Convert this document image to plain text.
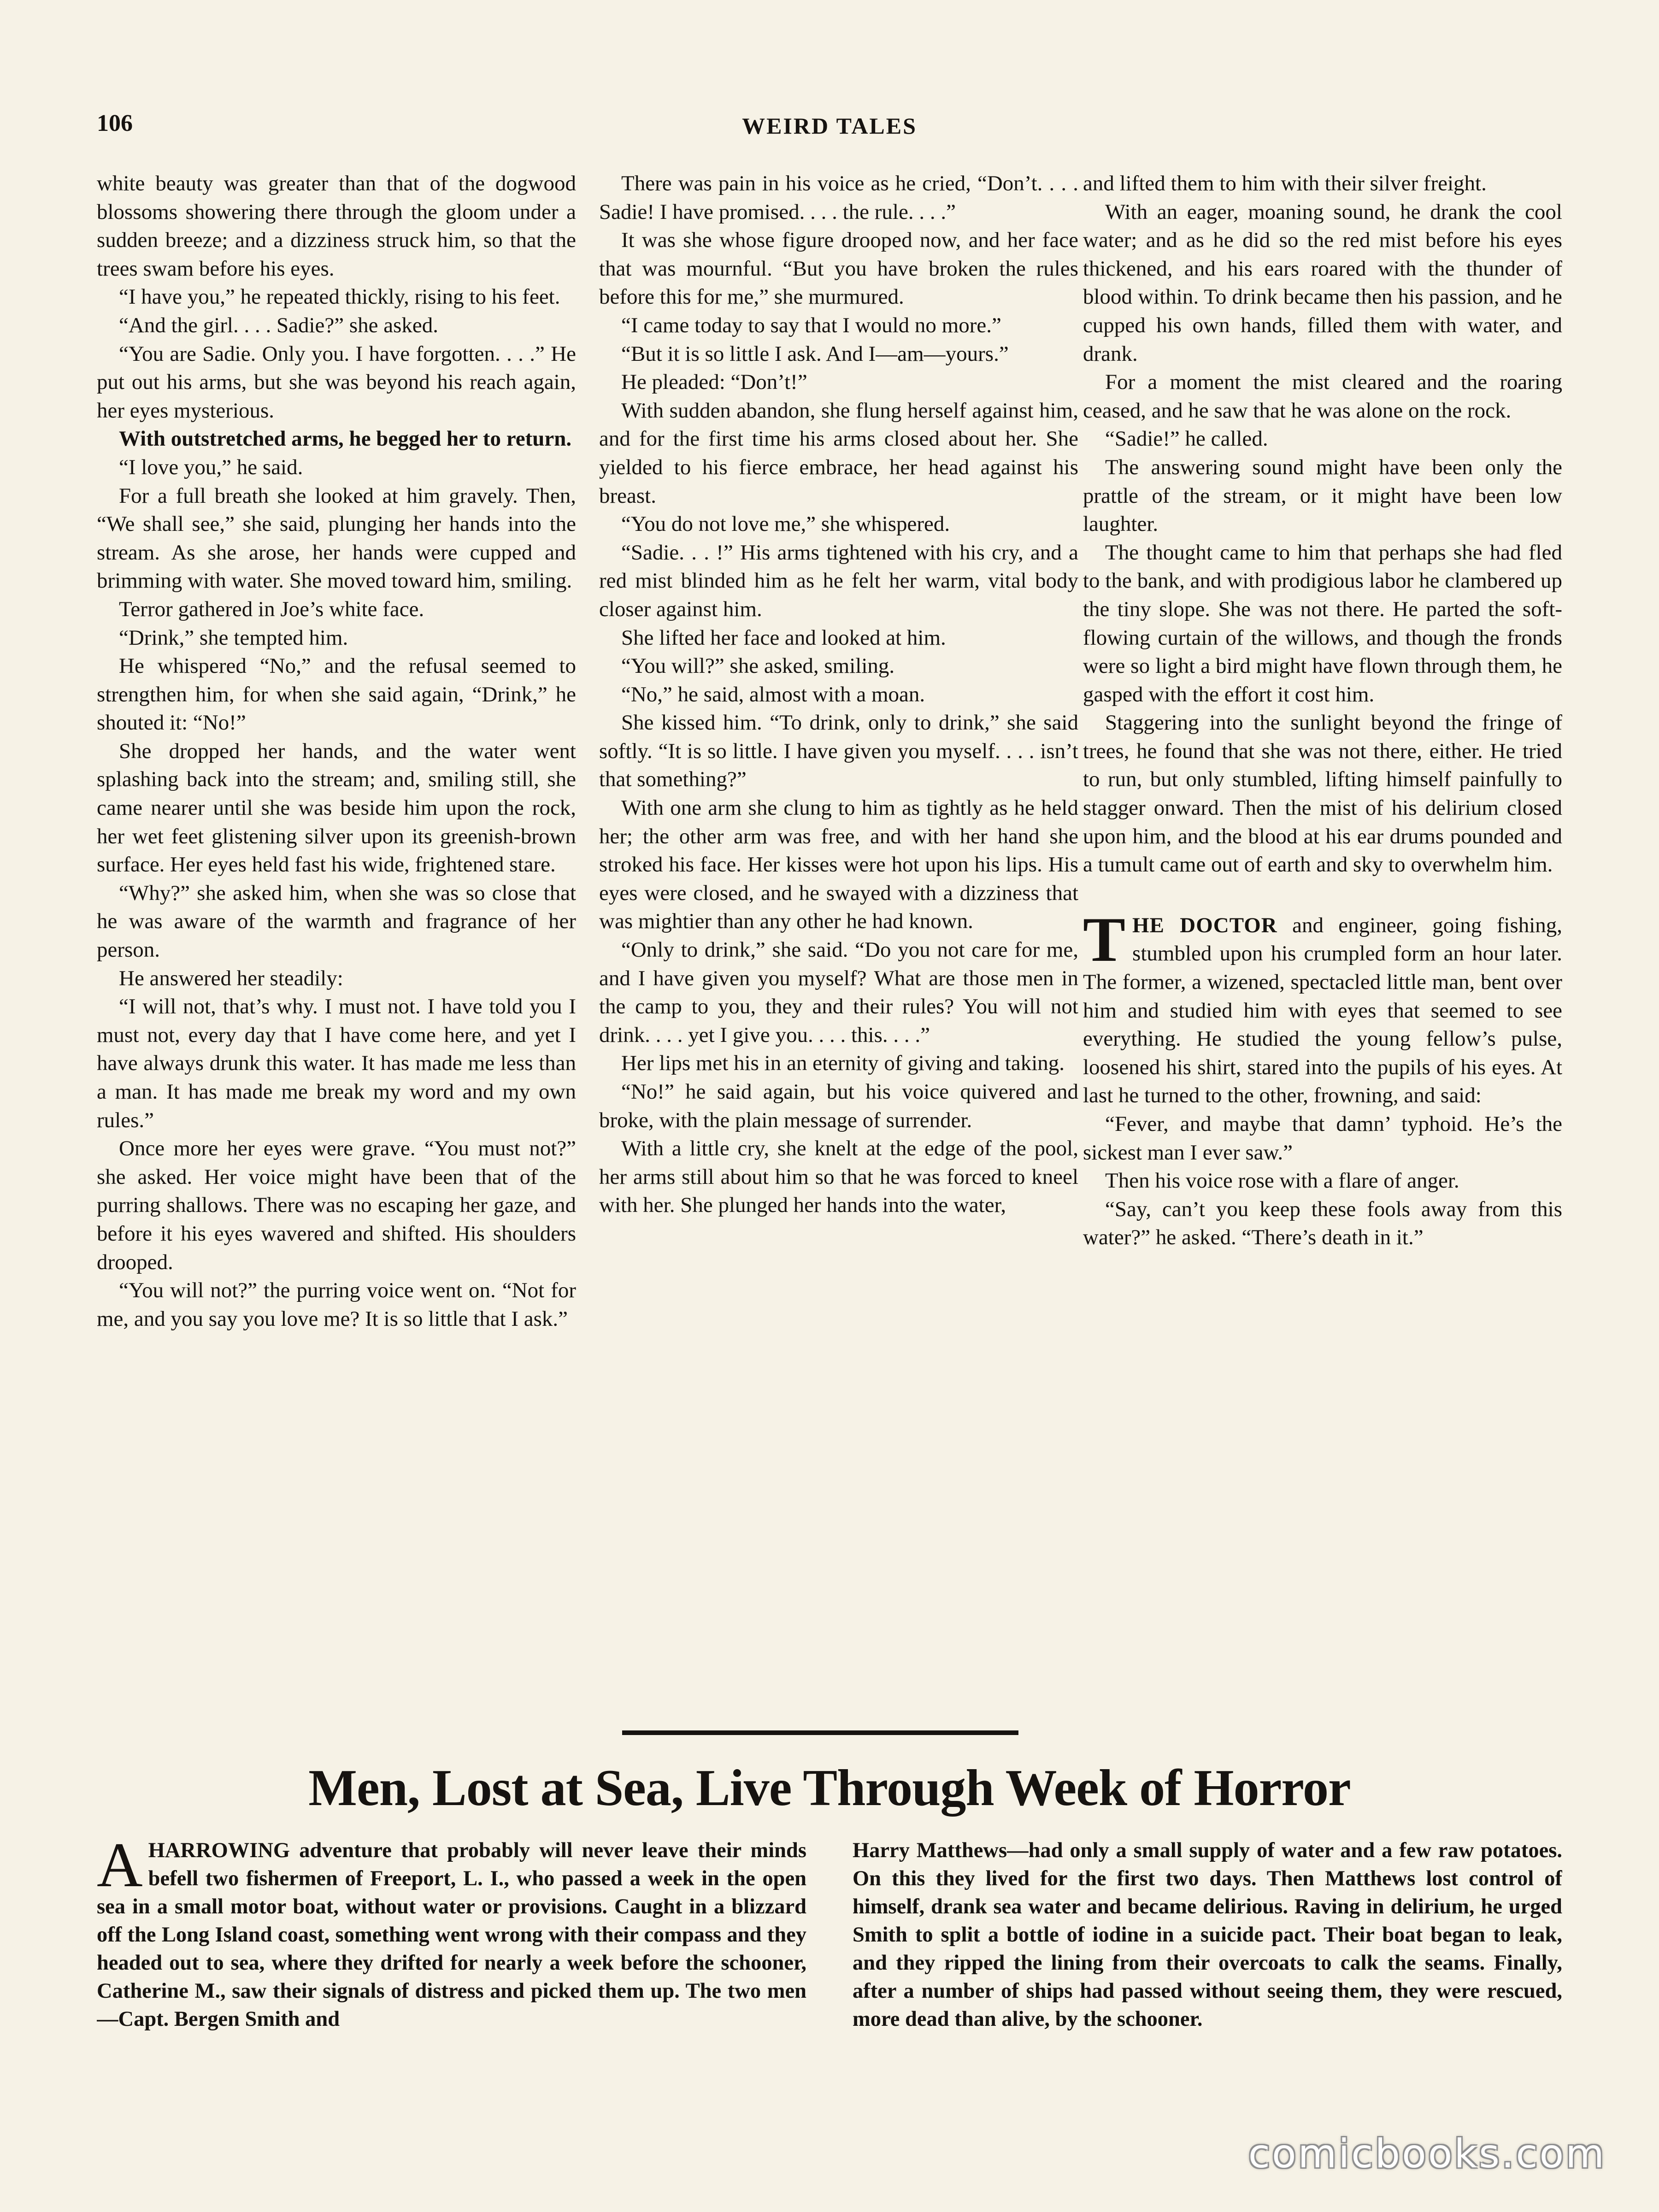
106	WEIRD TALES

white beauty was greater than that of the dogwood blossoms showering there through the gloom under a sudden breeze; and a dizziness struck him, so that the trees swam before his eyes.

“I have you,” he repeated thickly, rising to his feet.

“And the girl. . . . Sadie?” she asked.

“You are Sadie. Only you. I have forgotten. . . .” He put out his arms, but she was beyond his reach again, her eyes mysterious.

With outstretched arms, he begged her to return.

“I love you,” he said.

For a full breath she looked at him gravely. Then, “We shall see,” she said, plunging her hands into the stream. As she arose, her hands were cupped and brimming with water. She moved toward him, smiling.

Terror gathered in Joe’s white face.

“Drink,” she tempted him.

He whispered “No,” and the refusal seemed to strengthen him, for when she said again, “Drink,” he shouted it: “No!”

She dropped her hands, and the water went splashing back into the stream; and, smiling still, she came nearer until she was beside him upon the rock, her wet feet glistening silver upon its greenish-brown surface. Her eyes held fast his wide, frightened stare.

“Why?” she asked him, when she was so close that he was aware of the warmth and fragrance of her person.

He answered her steadily:

“I will not, that’s why. I must not. I have told you I must not, every day that I have come here, and yet I have always drunk this water. It has made me less than a man. It has made me break my word and my own rules.”

Once more her eyes were grave. “You must not?” she asked. Her voice might have been that of the purring shallows. There was no escaping her gaze, and before it his eyes wavered and shifted. His shoulders drooped.

“You will not?” the purring voice went on. “Not for me, and you say you love me? It is so little that I ask.”

There was pain in his voice as he cried, “Don’t. . . . Sadie! I have promised. . . . the rule. . . .”

It was she whose figure drooped now, and her face that was mournful. “But you have broken the rules before this for me,” she murmured.

“I came today to say that I would no more.”

“But it is so little I ask. And I—am—yours.”

He pleaded: “Don’t!”

With sudden abandon, she flung herself against him, and for the first time his arms closed about her. She yielded to his fierce embrace, her head against his breast.

“You do not love me,” she whispered.

“Sadie. . . !” His arms tightened with his cry, and a red mist blinded him as he felt her warm, vital body closer against him.

She lifted her face and looked at him.

“You will?” she asked, smiling.

“No,” he said, almost with a moan.

She kissed him. “To drink, only to drink,” she said softly. “It is so little. I have given you myself. . . . isn’t that something?”

With one arm she clung to him as tightly as he held her; the other arm was free, and with her hand she stroked his face. Her kisses were hot upon his lips. His eyes were closed, and he swayed with a dizziness that was mightier than any other he had known.

“Only to drink,” she said. “Do you not care for me, and I have given you myself? What are those men in the camp to you, they and their rules? You will not drink. . . . yet I give you. . . . this. . . .”

Her lips met his in an eternity of giving and taking.

“No!” he said again, but his voice quivered and broke, with the plain message of surrender.

With a little cry, she knelt at the edge of the pool, her arms still about him so that he was forced to kneel with her. She plunged her hands into the water,

and lifted them to him with their silver freight.

With an eager, moaning sound, he drank the cool water; and as he did so the red mist before his eyes thickened, and his ears roared with the thunder of blood within. To drink became then his passion, and he cupped his own hands, filled them with water, and drank.

For a moment the mist cleared and the roaring ceased, and he saw that he was alone on the rock.

“Sadie!” he called.

The answering sound might have been only the prattle of the stream, or it might have been low laughter.

The thought came to him that perhaps she had fled to the bank, and with prodigious labor he clambered up the tiny slope. She was not there. He parted the soft-flowing curtain of the willows, and though the fronds were so light a bird might have flown through them, he gasped with the effort it cost him.

Staggering into the sunlight beyond the fringe of trees, he found that she was not there, either. He tried to run, but only stumbled, lifting himself painfully to stagger onward. Then the mist of his delirium closed upon him, and the blood at his ear drums pounded and a tumult came out of earth and sky to overwhelm him.

THE DOCTOR and engineer, going fishing, stumbled upon his crumpled form an hour later. The former, a wizened, spectacled little man, bent over him and studied him with eyes that seemed to see everything. He studied the young fellow’s pulse, loosened his shirt, stared into the pupils of his eyes. At last he turned to the other, frowning, and said:

“Fever, and maybe that damn’ typhoid. He’s the sickest man I ever saw.”

Then his voice rose with a flare of anger.

“Say, can’t you keep these fools away from this water?” he asked. “There’s death in it.”

Men, Lost at Sea, Live Through Week of Horror

AHARROWING adventure that probably will never leave their minds befell two fishermen of Freeport, L. I., who passed a week in the open sea in a small motor boat, without water or provisions. Caught in a blizzard off the Long Island coast, something went wrong with their compass and they headed out to sea, where they drifted for nearly a week before the schooner, Catherine M., saw their signals of distress and picked them up. The two men—Capt. Bergen Smith and

Harry Matthews—had only a small supply of water and a few raw potatoes. On this they lived for the first two days. Then Matthews lost control of himself, drank sea water and became delirious. Raving in delirium, he urged Smith to split a bottle of iodine in a suicide pact. Their boat began to leak, and they ripped the lining from their overcoats to calk the seams. Finally, after a number of ships had passed without seeing them, they were rescued, more dead than alive, by the schooner.

comicbooks.com
